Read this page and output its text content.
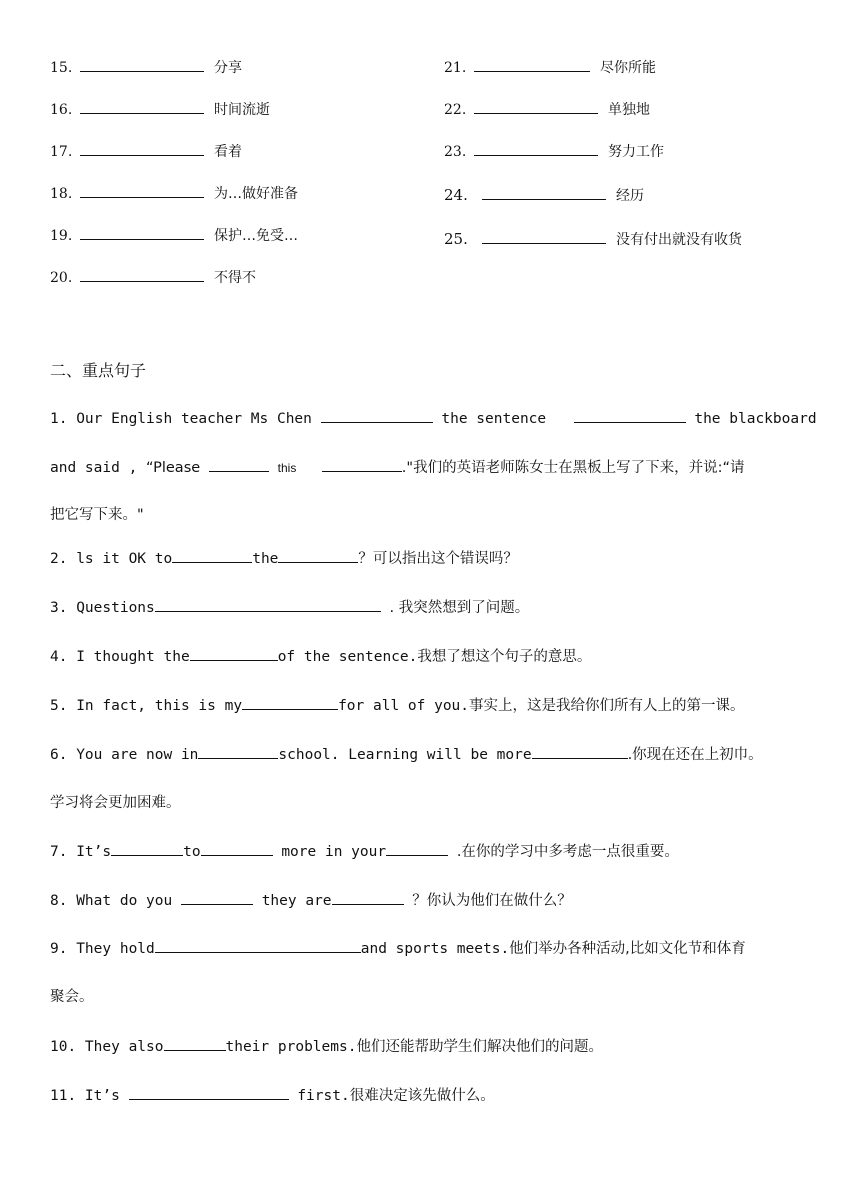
15.	分享
16.	时间流逝
17.	看着
18.	为…做好准备
19.	保护…免受…
20.	不得不
21.	尽你所能
22.	单独地
23.	努力工作
24.	经历
25.	没有付出就没有收货
二、重点句子
1. Our English teacher Ms Chen	the sentence	the blackboard
and said , “Please	this	."我们的英语老师陈女士在黑板上写了下来，并说:“请
把它写下来。"
2. ls it OK to	the	？可以指出这个错误吗？
3. Questions	. 我突然想到了问题。
4. I thought the	of the sentence.我想了想这个句子的意思。
5. In fact, this is my	for all of you.事实上，这是我给你们所有人上的第一课。
6. You are now in	school. Learning will be more	.你现在还在上初巾。
学习将会更加困难。
7. It’s	to	more in your	.在你的学习中多考虑一点很重要。
8. What do you	they are	？你认为他们在做什么？
9. They hold	and sports meets.他们举办各种活动,比如文化节和体育
聚会。
10. They also	their problems.他们还能帮助学生们解决他们的问题。
11. It’s	first.很难决定该先做什么。
